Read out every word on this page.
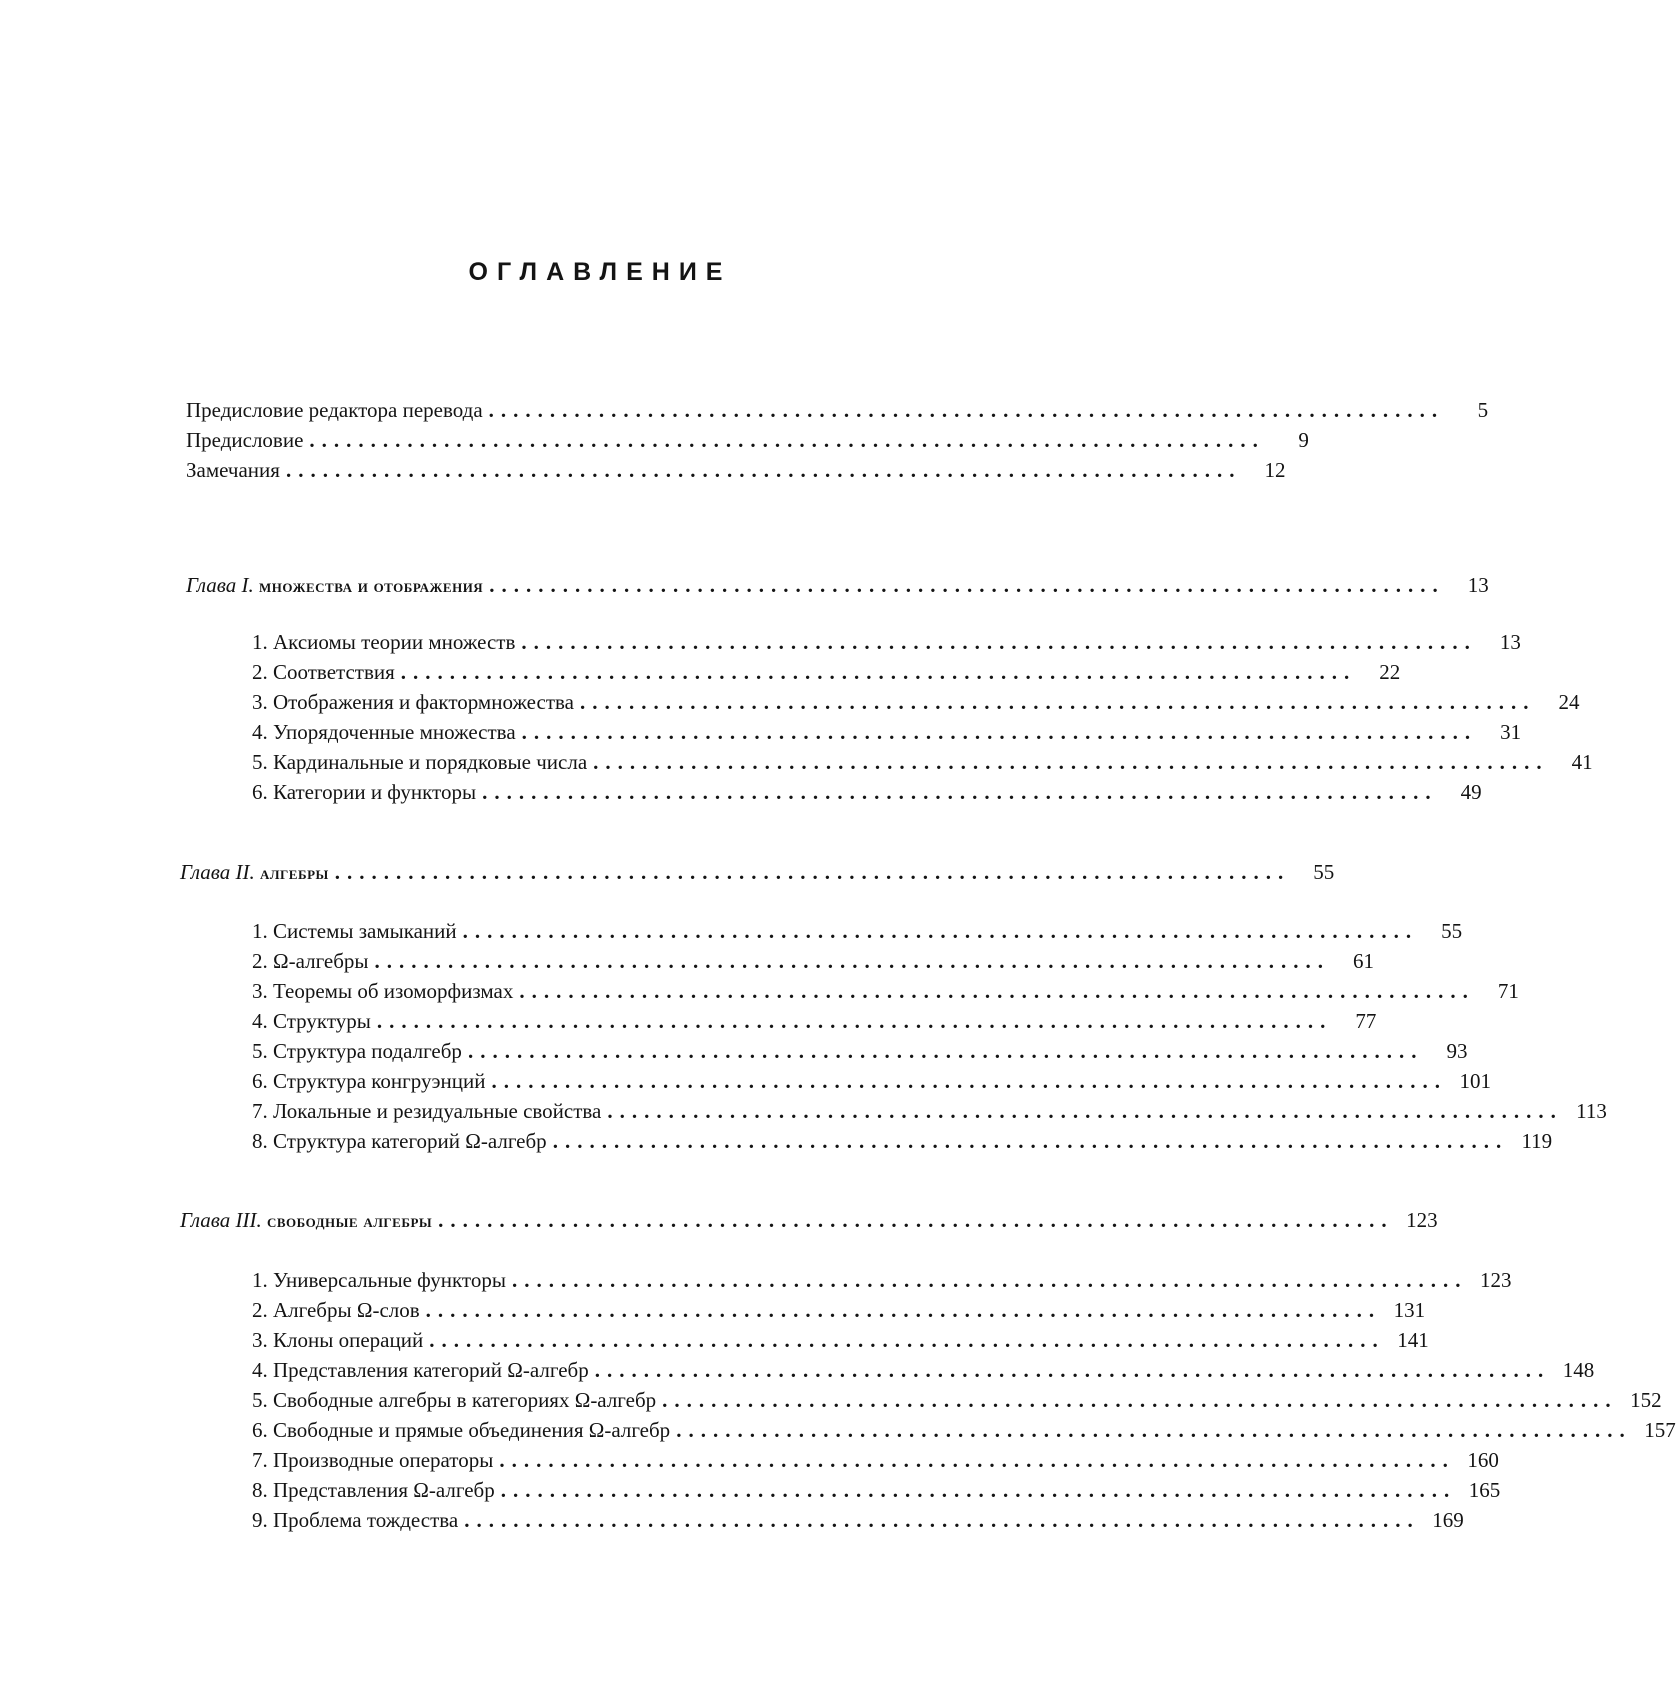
ОГЛАВЛЕНИЕ
Предисловие редактора перевода ..............................................................................	5
Предисловие ..............................................................................	9
Замечания ..............................................................................	12
Глава I. множества и отображения ..............................................................................	13
1. Аксиомы теории множеств ..............................................................................	13
2. Соответствия ..............................................................................	22
3. Отображения и фактормножества ..............................................................................	24
4. Упорядоченные множества ..............................................................................	31
5. Кардинальные и порядковые числа ..............................................................................	41
6. Категории и функторы ..............................................................................	49
Глава II. алгебры ..............................................................................	55
1. Системы замыканий ..............................................................................	55
2. Ω-алгебры ..............................................................................	61
3. Теоремы об изоморфизмах ..............................................................................	71
4. Структуры ..............................................................................	77
5. Структура подалгебр ..............................................................................	93
6. Структура конгруэнций .............................................................................. 101
7. Локальные и резидуальные свойства .............................................................................. 113
8. Структура категорий Ω-алгебр .............................................................................. 119
Глава III. свободные алгебры .............................................................................. 123
1. Универсальные функторы .............................................................................. 123
2. Алгебры Ω-слов .............................................................................. 131
3. Клоны операций .............................................................................. 141
4. Представления категорий Ω-алгебр .............................................................................. 148
5. Свободные алгебры в категориях Ω-алгебр .............................................................................. 152
6. Свободные и прямые объединения Ω-алгебр .............................................................................. 157
7. Производные операторы .............................................................................. 160
8. Представления Ω-алгебр .............................................................................. 165
9. Проблема тождества .............................................................................. 169
